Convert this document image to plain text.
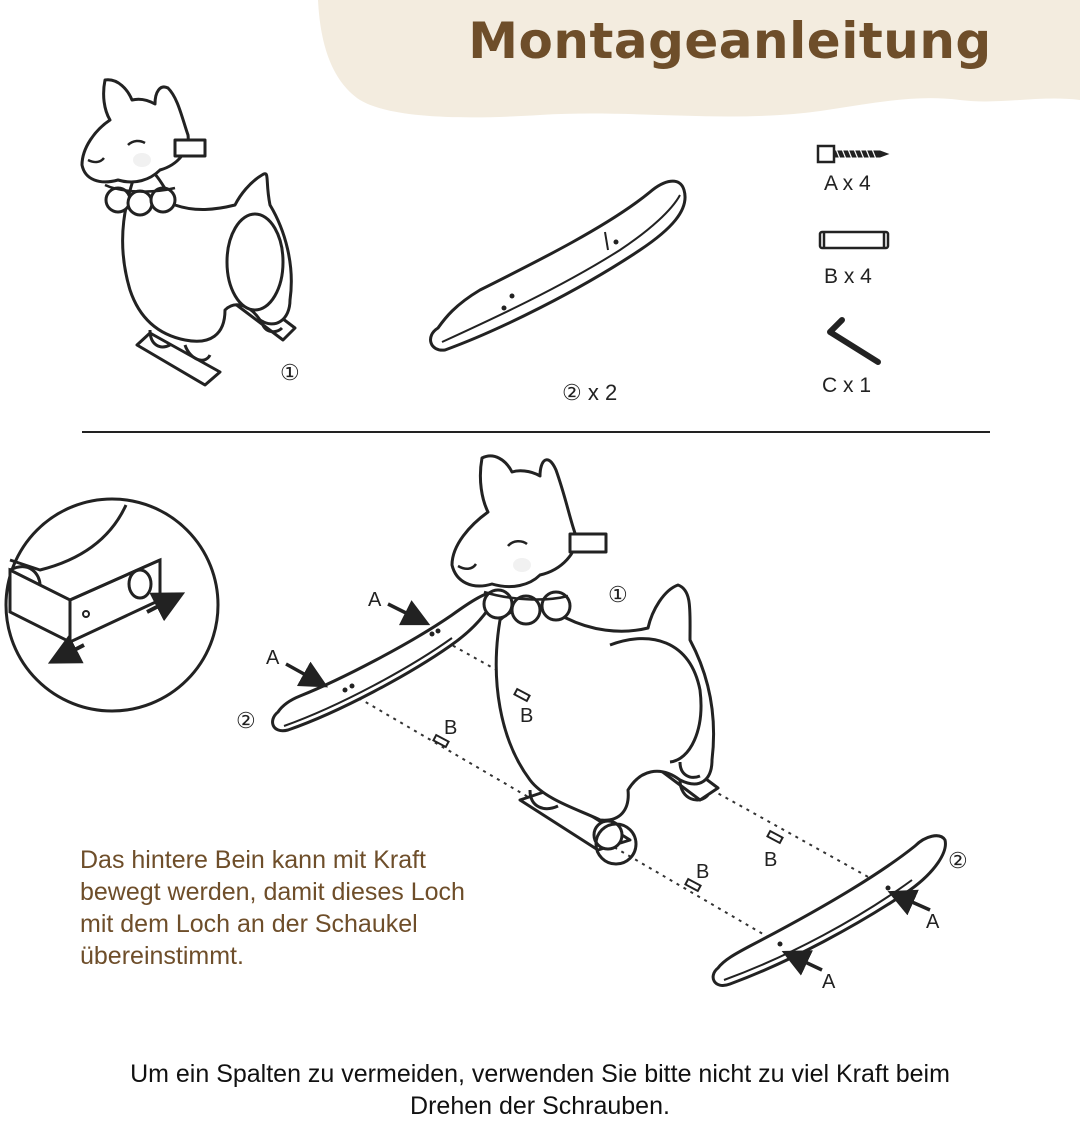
①
② x 2
A x 4
B x 4
C x 1
A
A
A
A
B
B
B
B
①
②
②
Montageanleitung
Das hintere Bein kann mit Kraft
bewegt werden, damit dieses Loch
mit dem Loch an der Schaukel
übereinstimmt.
Um ein Spalten zu vermeiden, verwenden Sie bitte nicht zu viel Kraft beim
Drehen der Schrauben.
